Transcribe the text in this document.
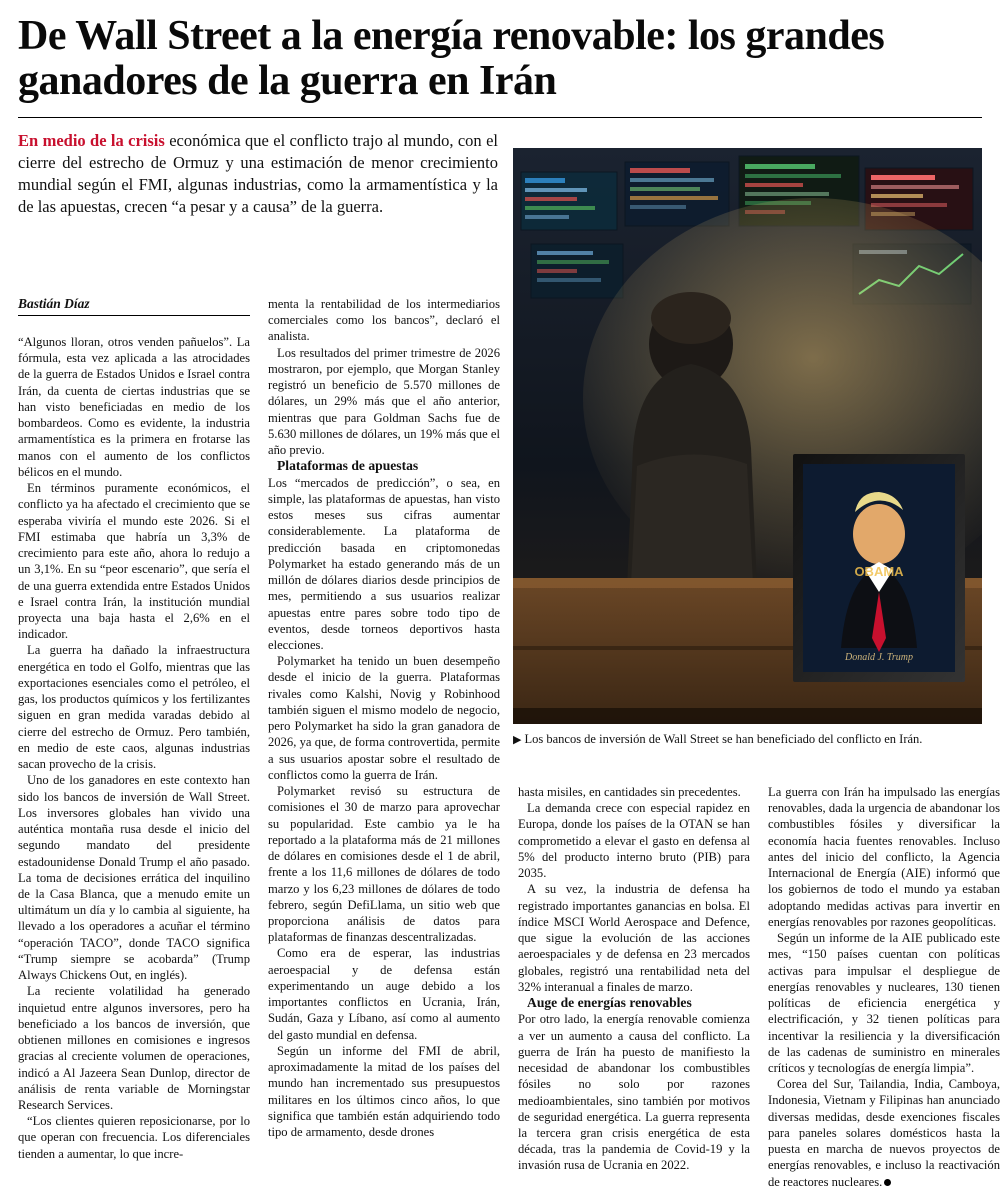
De Wall Street a la energía renovable: los grandes ganadores de la guerra en Irán

En medio de la crisis económica que el conflicto trajo al mundo, con el cierre del estrecho de Ormuz y una estimación de menor crecimiento mundial según el FMI, algunas industrias, como la armamentística y la de las apuestas, crecen “a pesar y a causa” de la guerra.

OBAMA
Donald J. Trump
▶ Los bancos de inversión de Wall Street se han beneficiado del conflicto en Irán.
Bastián Díaz

“Algunos lloran, otros venden pañuelos”. La fórmula, esta vez aplicada a las atrocidades de la guerra de Estados Unidos e Israel contra Irán, da cuenta de ciertas industrias que se han visto beneficiadas en medio de los bombardeos. Como es evidente, la industria armamentística es la primera en frotarse las manos con el aumento de los conflictos bélicos en el mundo.

En términos puramente económicos, el conflicto ya ha afectado el crecimiento que se esperaba viviría el mundo este 2026. Si el FMI estimaba que habría un 3,3% de crecimiento para este año, ahora lo redujo a un 3,1%. En su “peor escenario”, que sería el de una guerra extendida entre Estados Unidos e Israel contra Irán, la institución mundial proyecta una baja hasta el 2,6% en el indicador.

La guerra ha dañado la infraestructura energética en todo el Golfo, mientras que las exportaciones esenciales como el petróleo, el gas, los productos químicos y los fertilizantes siguen en gran medida varadas debido al cierre del estrecho de Ormuz. Pero también, en medio de este caos, algunas industrias sacan provecho de la crisis.

Uno de los ganadores en este contexto han sido los bancos de inversión de Wall Street. Los inversores globales han vivido una auténtica montaña rusa desde el inicio del segundo mandato del presidente estadounidense Donald Trump el año pasado. La toma de decisiones errática del inquilino de la Casa Blanca, que a menudo emite un ultimátum un día y lo cambia al siguiente, ha llevado a los operadores a acuñar el término “operación TACO”, donde TACO significa “Trump siempre se acobarda” (Trump Always Chickens Out, en inglés).

La reciente volatilidad ha generado inquietud entre algunos inversores, pero ha beneficiado a los bancos de inversión, que obtienen millones en comisiones e ingresos gracias al creciente volumen de operaciones, indicó a Al Jazeera Sean Dunlop, director de análisis de renta variable de Morningstar Research Services.

“Los clientes quieren reposicionarse, por lo que operan con frecuencia. Los diferenciales tienden a aumentar, lo que incre-

menta la rentabilidad de los intermediarios comerciales como los bancos”, declaró el analista.

Los resultados del primer trimestre de 2026 mostraron, por ejemplo, que Morgan Stanley registró un beneficio de 5.570 millones de dólares, un 29% más que el año anterior, mientras que para Goldman Sachs fue de 5.630 millones de dólares, un 19% más que el año previo.

Plataformas de apuestas

Los “mercados de predicción”, o sea, en simple, las plataformas de apuestas, han visto estos meses sus cifras aumentar considerablemente. La plataforma de predicción basada en criptomonedas Polymarket ha estado generando más de un millón de dólares diarios desde principios de mes, permitiendo a sus usuarios realizar apuestas entre pares sobre todo tipo de eventos, desde torneos deportivos hasta elecciones.

Polymarket ha tenido un buen desempeño desde el inicio de la guerra. Plataformas rivales como Kalshi, Novig y Robinhood también siguen el mismo modelo de negocio, pero Polymarket ha sido la gran ganadora de 2026, ya que, de forma controvertida, permite a sus usuarios apostar sobre el resultado de conflictos como la guerra de Irán.

Polymarket revisó su estructura de comisiones el 30 de marzo para aprovechar su popularidad. Este cambio ya le ha reportado a la plataforma más de 21 millones de dólares en comisiones desde el 1 de abril, frente a los 11,6 millones de dólares de todo marzo y los 6,23 millones de dólares de todo febrero, según DefiLlama, un sitio web que proporciona análisis de datos para plataformas de finanzas descentralizadas.

Como era de esperar, las industrias aeroespacial y de defensa están experimentando un auge debido a los importantes conflictos en Ucrania, Irán, Sudán, Gaza y Líbano, así como al aumento del gasto mundial en defensa.

Según un informe del FMI de abril, aproximadamente la mitad de los países del mundo han incrementado sus presupuestos militares en los últimos cinco años, lo que significa que también están adquiriendo todo tipo de armamento, desde drones

hasta misiles, en cantidades sin precedentes.

La demanda crece con especial rapidez en Europa, donde los países de la OTAN se han comprometido a elevar el gasto en defensa al 5% del producto interno bruto (PIB) para 2035.

A su vez, la industria de defensa ha registrado importantes ganancias en bolsa. El índice MSCI World Aerospace and Defence, que sigue la evolución de las acciones aeroespaciales y de defensa en 23 mercados globales, registró una rentabilidad neta del 32% interanual a finales de marzo.

Auge de energías renovables

Por otro lado, la energía renovable comienza a ver un aumento a causa del conflicto. La guerra de Irán ha puesto de manifiesto la necesidad de abandonar los combustibles fósiles no solo por razones medioambientales, sino también por motivos de seguridad energética. La guerra representa la tercera gran crisis energética de esta década, tras la pandemia de Covid-19 y la invasión rusa de Ucrania en 2022.

La guerra con Irán ha impulsado las energías renovables, dada la urgencia de abandonar los combustibles fósiles y diversificar la economía hacia fuentes renovables. Incluso antes del inicio del conflicto, la Agencia Internacional de Energía (AIE) informó que los gobiernos de todo el mundo ya estaban adoptando medidas activas para invertir en energías renovables por razones geopolíticas.

Según un informe de la AIE publicado este mes, “150 países cuentan con políticas activas para impulsar el despliegue de energías renovables y nucleares, 130 tienen políticas de eficiencia energética y electrificación, y 32 tienen políticas para incentivar la resiliencia y la diversificación de las cadenas de suministro en minerales críticos y tecnologías de energía limpia”.

Corea del Sur, Tailandia, India, Camboya, Indonesia, Vietnam y Filipinas han anunciado diversas medidas, desde exenciones fiscales para paneles solares domésticos hasta la puesta en marcha de nuevos proyectos de energías renovables, e incluso la reactivación de reactores nucleares.
